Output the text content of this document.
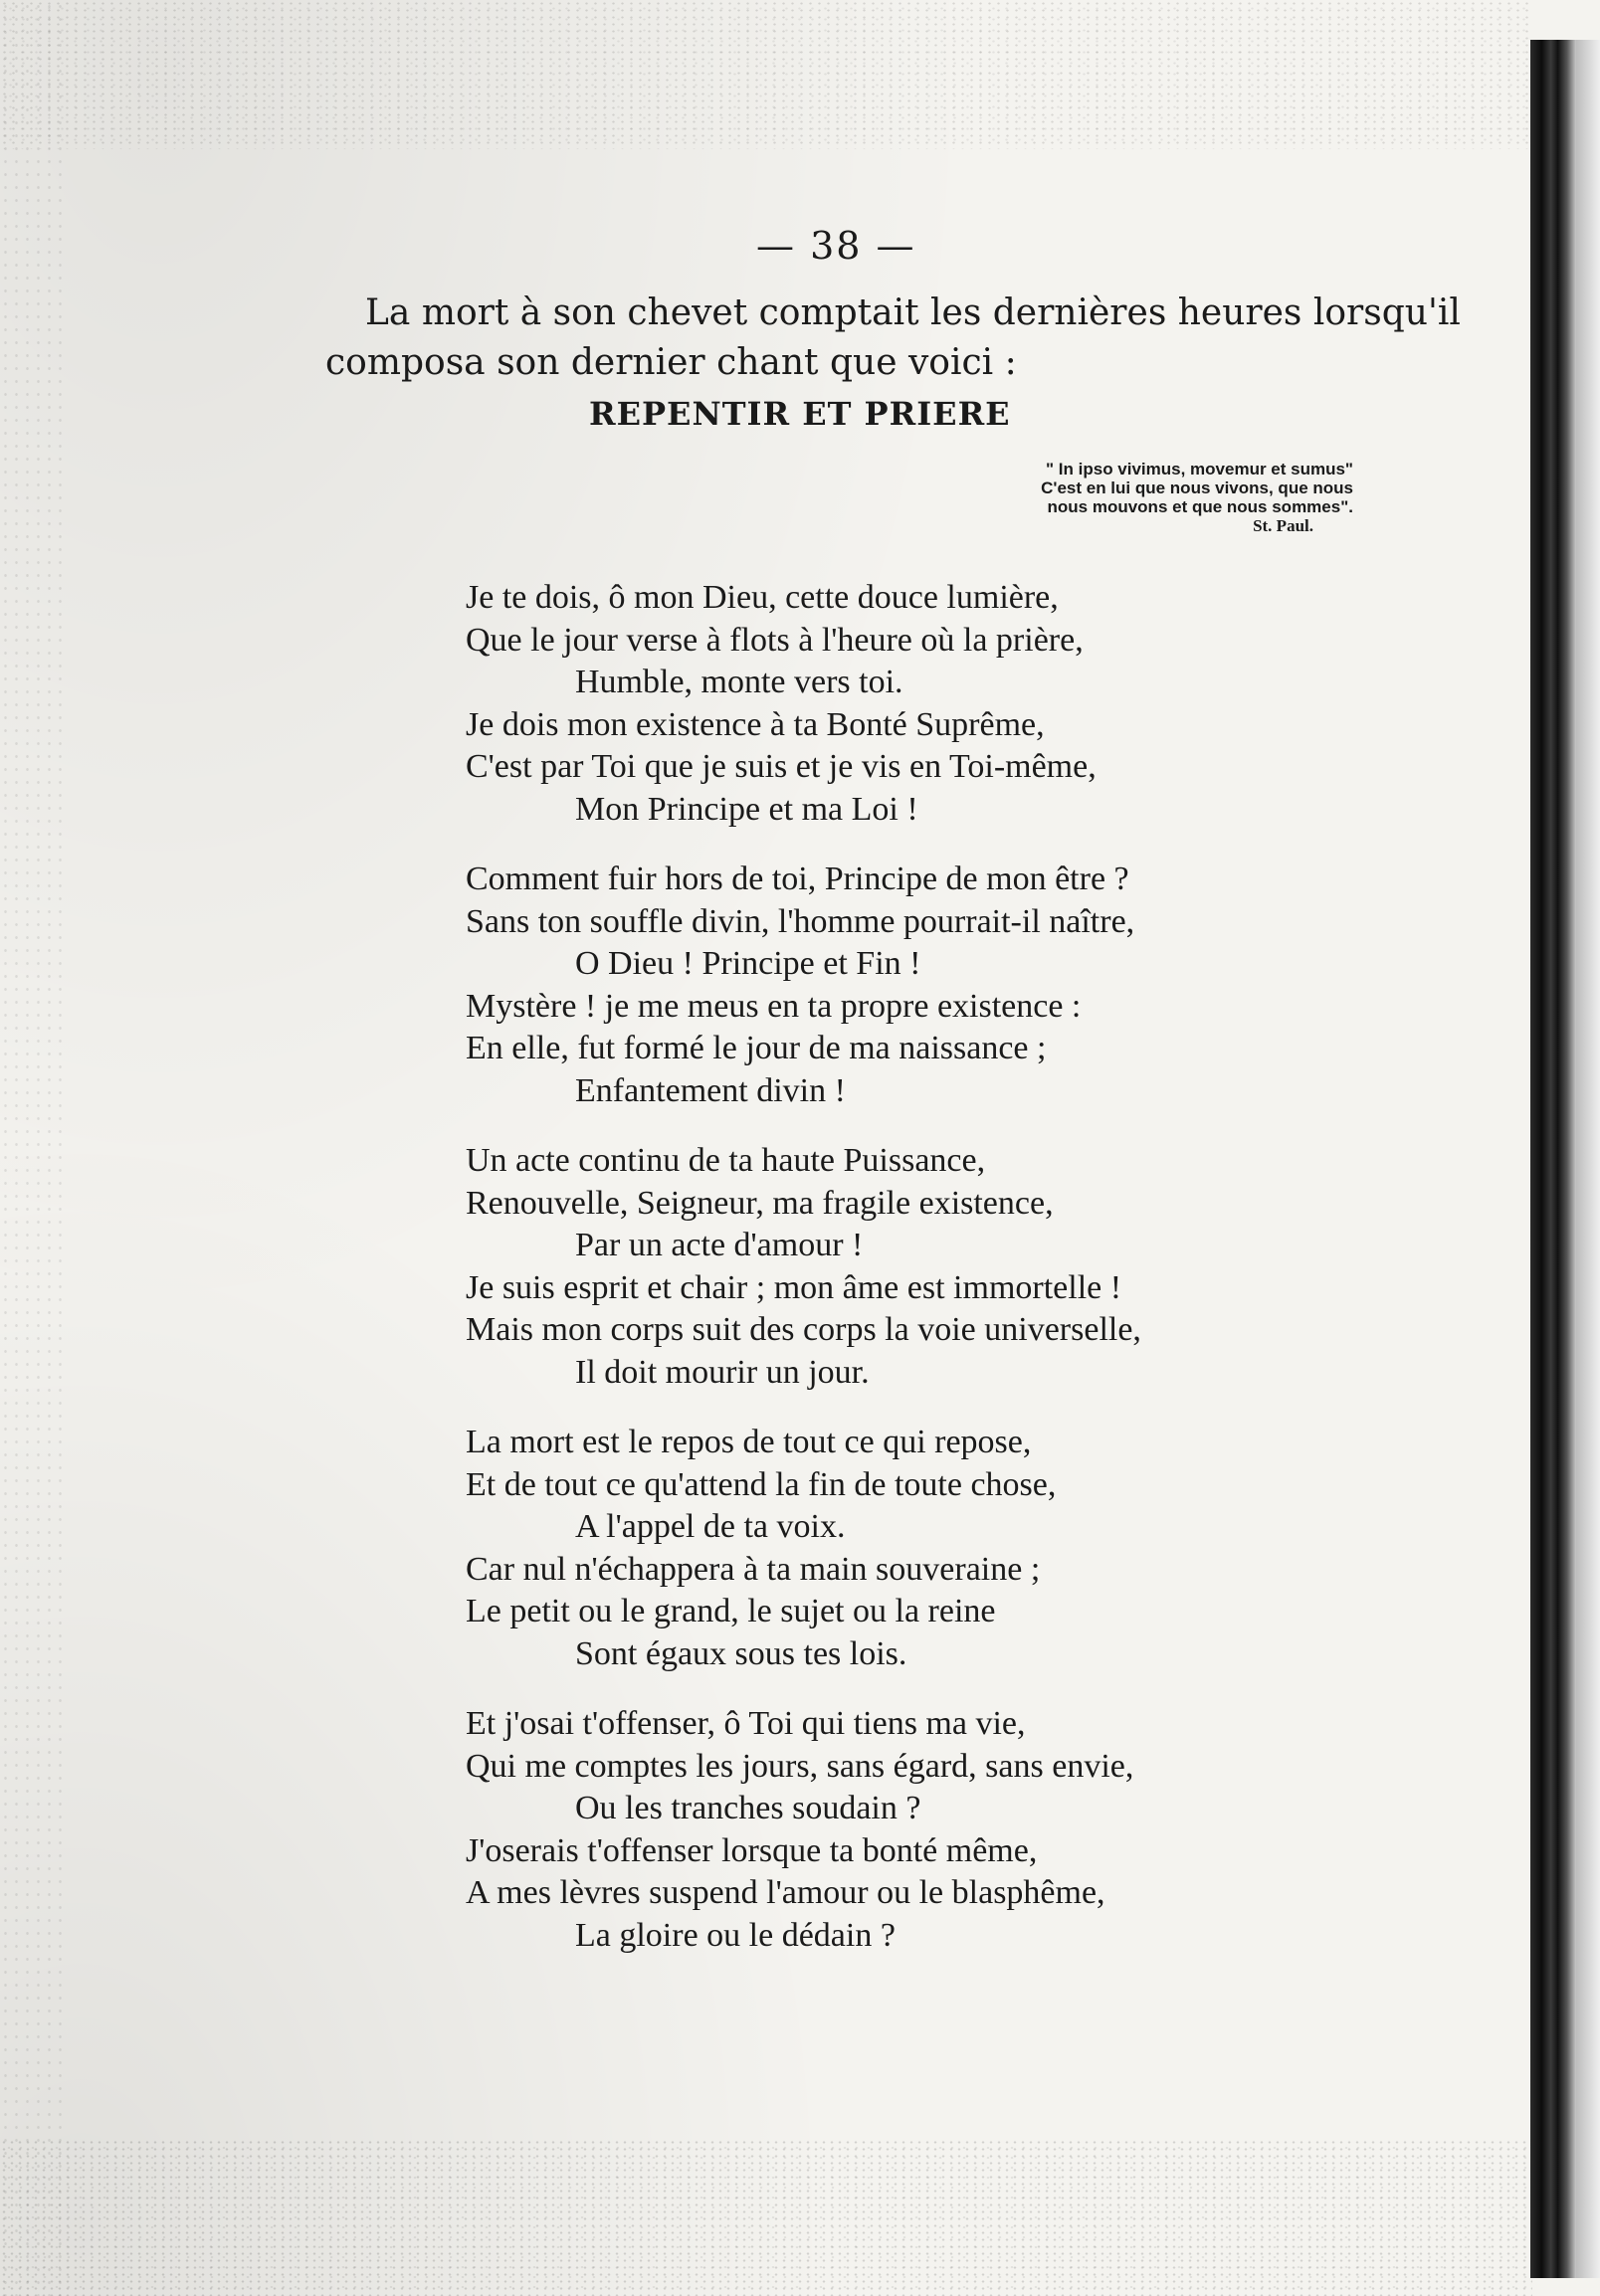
— 38 —
La mort à son chevet comptait les dernières heures lorsqu'il
composa son dernier chant que voici :
REPENTIR ET PRIERE
" In ipso vivimus, movemur et sumus"
C'est en lui que nous vivons, que nous
nous mouvons et que nous sommes".
St. Paul.
Je te dois, ô mon Dieu, cette douce lumière,
Que le jour verse à flots à l'heure où la prière,
Humble, monte vers toi.
Je dois mon existence à ta Bonté Suprême,
C'est par Toi que je suis et je vis en Toi-même,
Mon Principe et ma Loi !
Comment fuir hors de toi, Principe de mon être ?
Sans ton souffle divin, l'homme pourrait-il naître,
O Dieu ! Principe et Fin !
Mystère ! je me meus en ta propre existence :
En elle, fut formé le jour de ma naissance ;
Enfantement divin !
Un acte continu de ta haute Puissance,
Renouvelle, Seigneur, ma fragile existence,
Par un acte d'amour !
Je suis esprit et chair ; mon âme est immortelle !
Mais mon corps suit des corps la voie universelle,
Il doit mourir un jour.
La mort est le repos de tout ce qui repose,
Et de tout ce qu'attend la fin de toute chose,
A l'appel de ta voix.
Car nul n'échappera à ta main souveraine ;
Le petit ou le grand, le sujet ou la reine
Sont égaux sous tes lois.
Et j'osai t'offenser, ô Toi qui tiens ma vie,
Qui me comptes les jours, sans égard, sans envie,
Ou les tranches soudain ?
J'oserais t'offenser lorsque ta bonté même,
A mes lèvres suspend l'amour ou le blasphême,
La gloire ou le dédain ?
